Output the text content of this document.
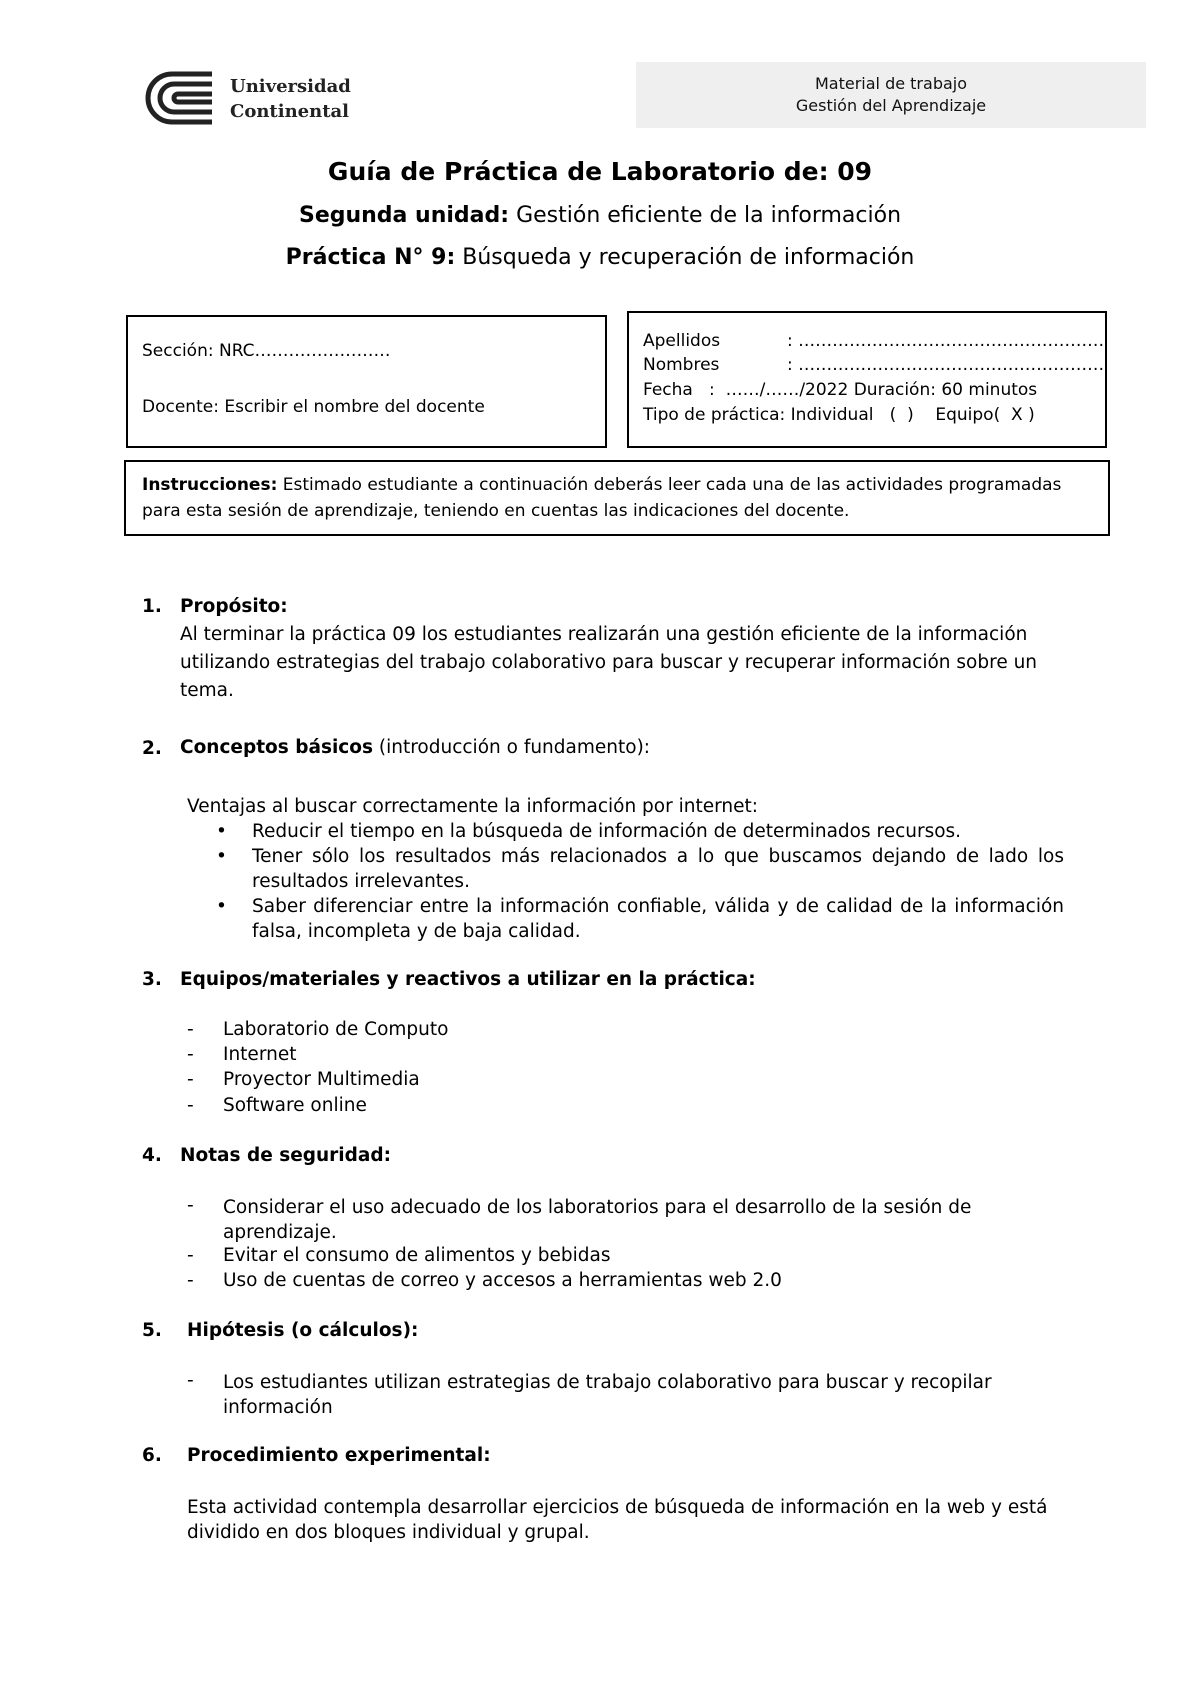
Universidad
Continental
Material de trabajo
Gestión del Aprendizaje
Guía de Práctica de Laboratorio de: 09
Segunda unidad: Gestión eficiente de la información
Práctica N° 9: Búsqueda y recuperación de información
Sección: NRC……………………
Docente: Escribir el nombre del docente
Apellidos	: ………………………………………………
Nombres	: ………………………………………………
Fecha   :  ……/……/2022 Duración: 60 minutos
Tipo de práctica: Individual   (  )    Equipo(  X )
Instrucciones: Estimado estudiante a continuación deberás leer cada una de las actividades programadas para esta sesión de aprendizaje, teniendo en cuentas las indicaciones del docente.
1. Propósito:
Al terminar la práctica 09 los estudiantes realizarán una gestión eficiente de la información utilizando estrategias del trabajo colaborativo para buscar y recuperar información sobre un tema.
2. Conceptos básicos (introducción o fundamento):
Ventajas al buscar correctamente la información por internet:
• Reducir el tiempo en la búsqueda de información de determinados recursos.
• Tener sólo los resultados más relacionados a lo que buscamos dejando de lado los resultados irrelevantes.
• Saber diferenciar entre la información confiable, válida y de calidad de la información falsa, incompleta y de baja calidad.
3. Equipos/materiales y reactivos a utilizar en la práctica:
- Laboratorio de Computo
- Internet
- Proyector Multimedia
- Software online
4. Notas de seguridad:
- Considerar el uso adecuado de los laboratorios para el desarrollo de la sesión de aprendizaje.
- Evitar el consumo de alimentos y bebidas
- Uso de cuentas de correo y accesos a herramientas web 2.0
5. Hipótesis (o cálculos):
- Los estudiantes utilizan estrategias de trabajo colaborativo para buscar y recopilar información
6. Procedimiento experimental:
Esta actividad contempla desarrollar ejercicios de búsqueda de información en la web y está dividido en dos bloques individual y grupal.
